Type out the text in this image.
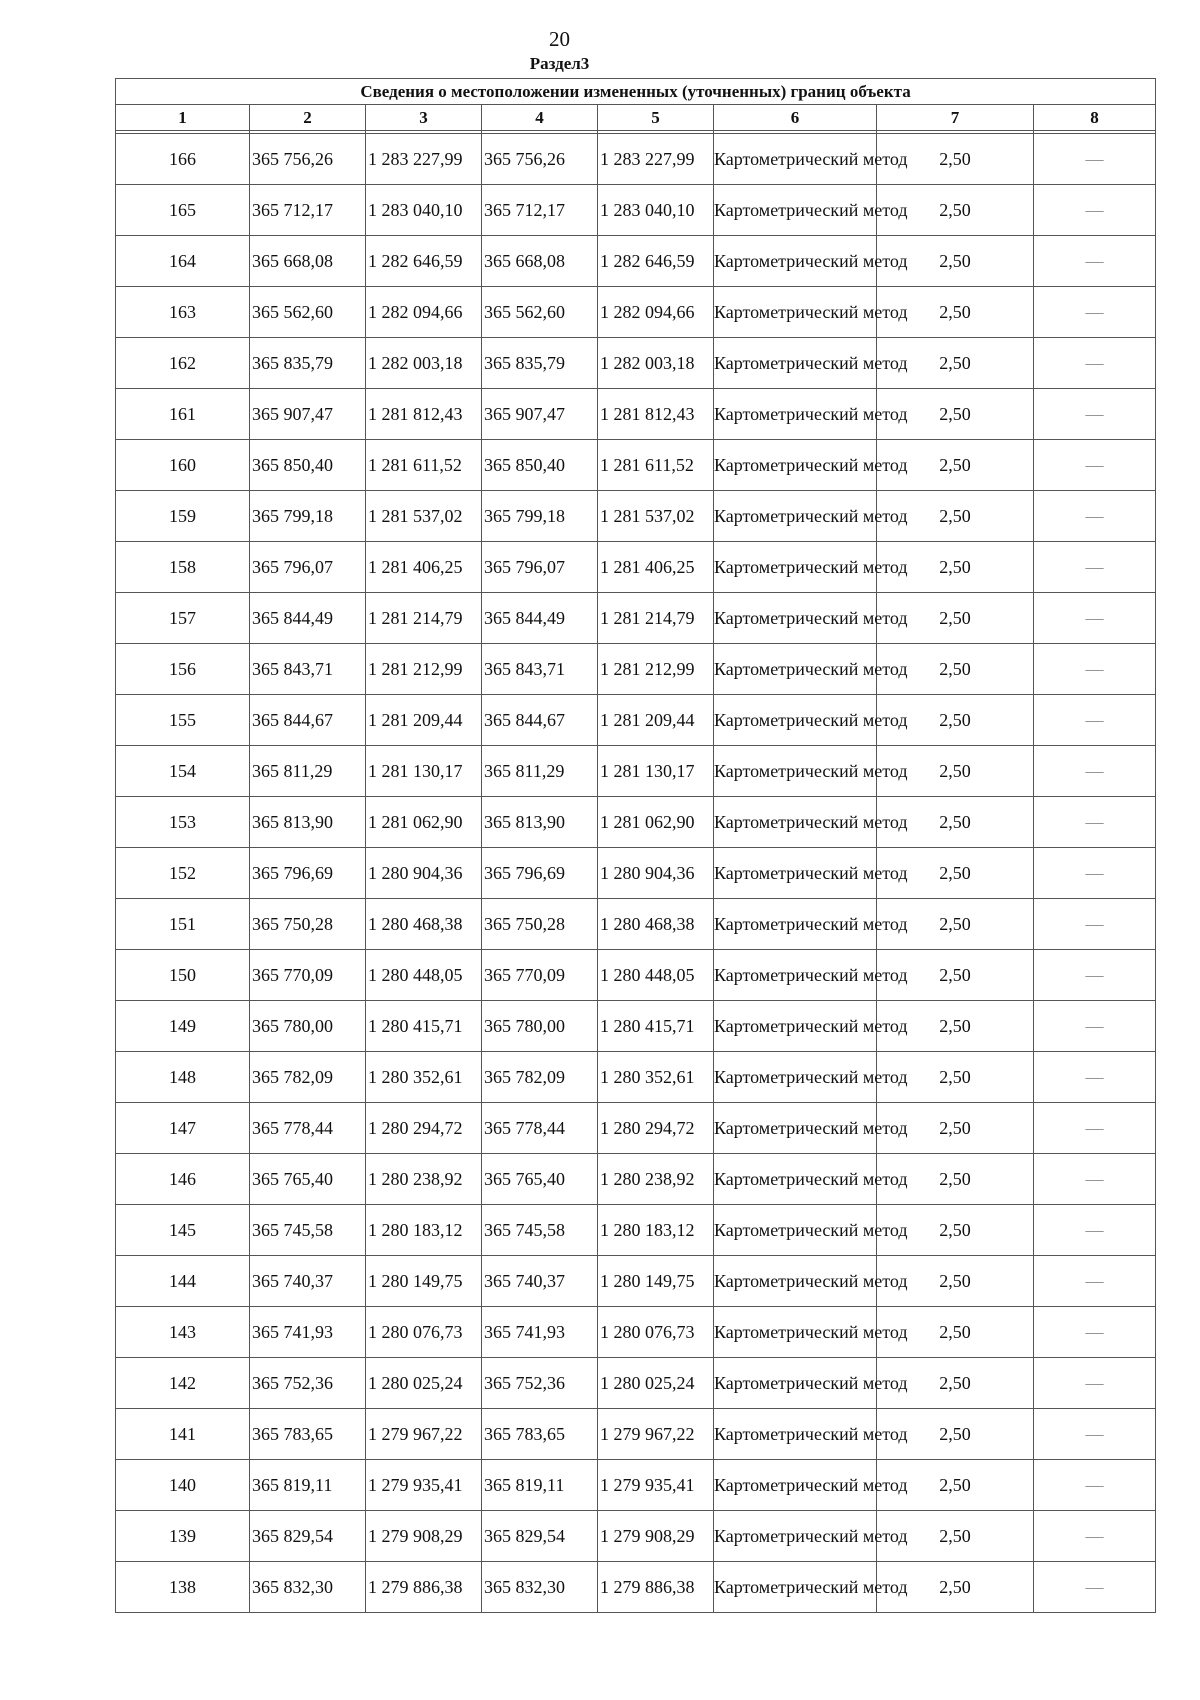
20
Раздел3
Сведения о местоположении измененных (уточненных) границ объекта							
1	2	3	4	5	6	7	8

166	365 756,26	1 283 227,99	365 756,26	1 283 227,99	Картометрический метод	2,50	—
165	365 712,17	1 283 040,10	365 712,17	1 283 040,10	Картометрический метод	2,50	—
164	365 668,08	1 282 646,59	365 668,08	1 282 646,59	Картометрический метод	2,50	—
163	365 562,60	1 282 094,66	365 562,60	1 282 094,66	Картометрический метод	2,50	—
162	365 835,79	1 282 003,18	365 835,79	1 282 003,18	Картометрический метод	2,50	—
161	365 907,47	1 281 812,43	365 907,47	1 281 812,43	Картометрический метод	2,50	—
160	365 850,40	1 281 611,52	365 850,40	1 281 611,52	Картометрический метод	2,50	—
159	365 799,18	1 281 537,02	365 799,18	1 281 537,02	Картометрический метод	2,50	—
158	365 796,07	1 281 406,25	365 796,07	1 281 406,25	Картометрический метод	2,50	—
157	365 844,49	1 281 214,79	365 844,49	1 281 214,79	Картометрический метод	2,50	—
156	365 843,71	1 281 212,99	365 843,71	1 281 212,99	Картометрический метод	2,50	—
155	365 844,67	1 281 209,44	365 844,67	1 281 209,44	Картометрический метод	2,50	—
154	365 811,29	1 281 130,17	365 811,29	1 281 130,17	Картометрический метод	2,50	—
153	365 813,90	1 281 062,90	365 813,90	1 281 062,90	Картометрический метод	2,50	—
152	365 796,69	1 280 904,36	365 796,69	1 280 904,36	Картометрический метод	2,50	—
151	365 750,28	1 280 468,38	365 750,28	1 280 468,38	Картометрический метод	2,50	—
150	365 770,09	1 280 448,05	365 770,09	1 280 448,05	Картометрический метод	2,50	—
149	365 780,00	1 280 415,71	365 780,00	1 280 415,71	Картометрический метод	2,50	—
148	365 782,09	1 280 352,61	365 782,09	1 280 352,61	Картометрический метод	2,50	—
147	365 778,44	1 280 294,72	365 778,44	1 280 294,72	Картометрический метод	2,50	—
146	365 765,40	1 280 238,92	365 765,40	1 280 238,92	Картометрический метод	2,50	—
145	365 745,58	1 280 183,12	365 745,58	1 280 183,12	Картометрический метод	2,50	—
144	365 740,37	1 280 149,75	365 740,37	1 280 149,75	Картометрический метод	2,50	—
143	365 741,93	1 280 076,73	365 741,93	1 280 076,73	Картометрический метод	2,50	—
142	365 752,36	1 280 025,24	365 752,36	1 280 025,24	Картометрический метод	2,50	—
141	365 783,65	1 279 967,22	365 783,65	1 279 967,22	Картометрический метод	2,50	—
140	365 819,11	1 279 935,41	365 819,11	1 279 935,41	Картометрический метод	2,50	—
139	365 829,54	1 279 908,29	365 829,54	1 279 908,29	Картометрический метод	2,50	—
138	365 832,30	1 279 886,38	365 832,30	1 279 886,38	Картометрический метод	2,50	—
